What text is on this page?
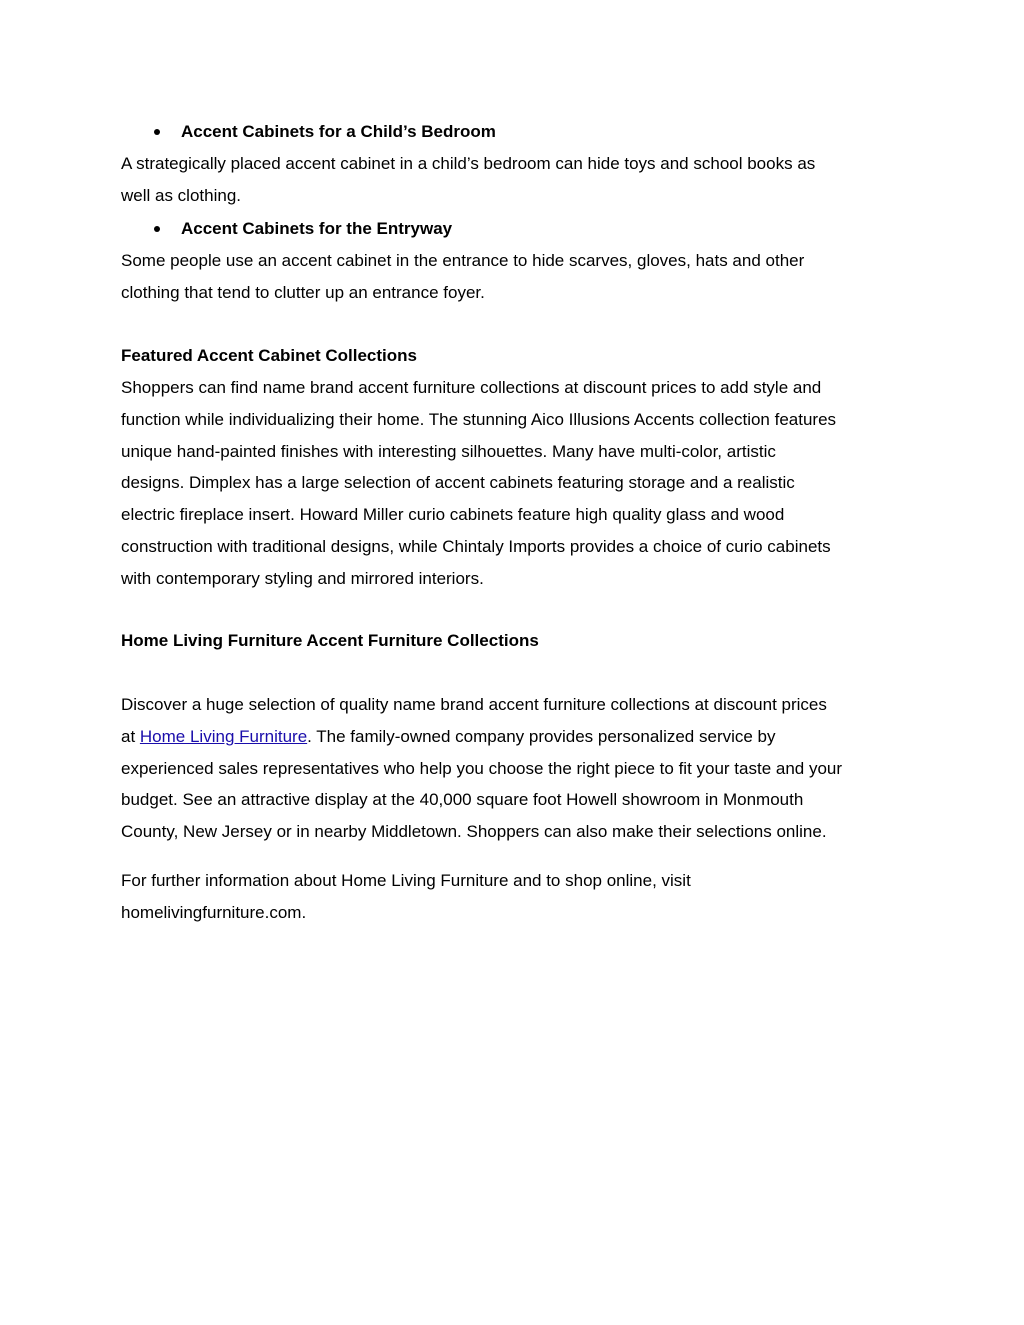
Accent Cabinets for a Child’s Bedroom

A strategically placed accent cabinet in a child’s bedroom can hide toys and school books as
well as clothing.

Accent Cabinets for the Entryway

Some people use an accent cabinet in the entrance to hide scarves, gloves, hats and other
clothing that tend to clutter up an entrance foyer.

Featured Accent Cabinet Collections

Shoppers can find name brand accent furniture collections at discount prices to add style and
function while individualizing their home. The stunning Aico Illusions Accents collection features
unique hand-painted finishes with interesting silhouettes. Many have multi-color, artistic
designs. Dimplex has a large selection of accent cabinets featuring storage and a realistic
electric fireplace insert. Howard Miller curio cabinets feature high quality glass and wood
construction with traditional designs, while Chintaly Imports provides a choice of curio cabinets
with contemporary styling and mirrored interiors.

Home Living Furniture Accent Furniture Collections

Discover a huge selection of quality name brand accent furniture collections at discount prices
at Home Living Furniture. The family-owned company provides personalized service by
experienced sales representatives who help you choose the right piece to fit your taste and your
budget. See an attractive display at the 40,000 square foot Howell showroom in Monmouth
County, New Jersey or in nearby Middletown. Shoppers can also make their selections online.

For further information about Home Living Furniture and to shop online, visit
homelivingfurniture.com.
